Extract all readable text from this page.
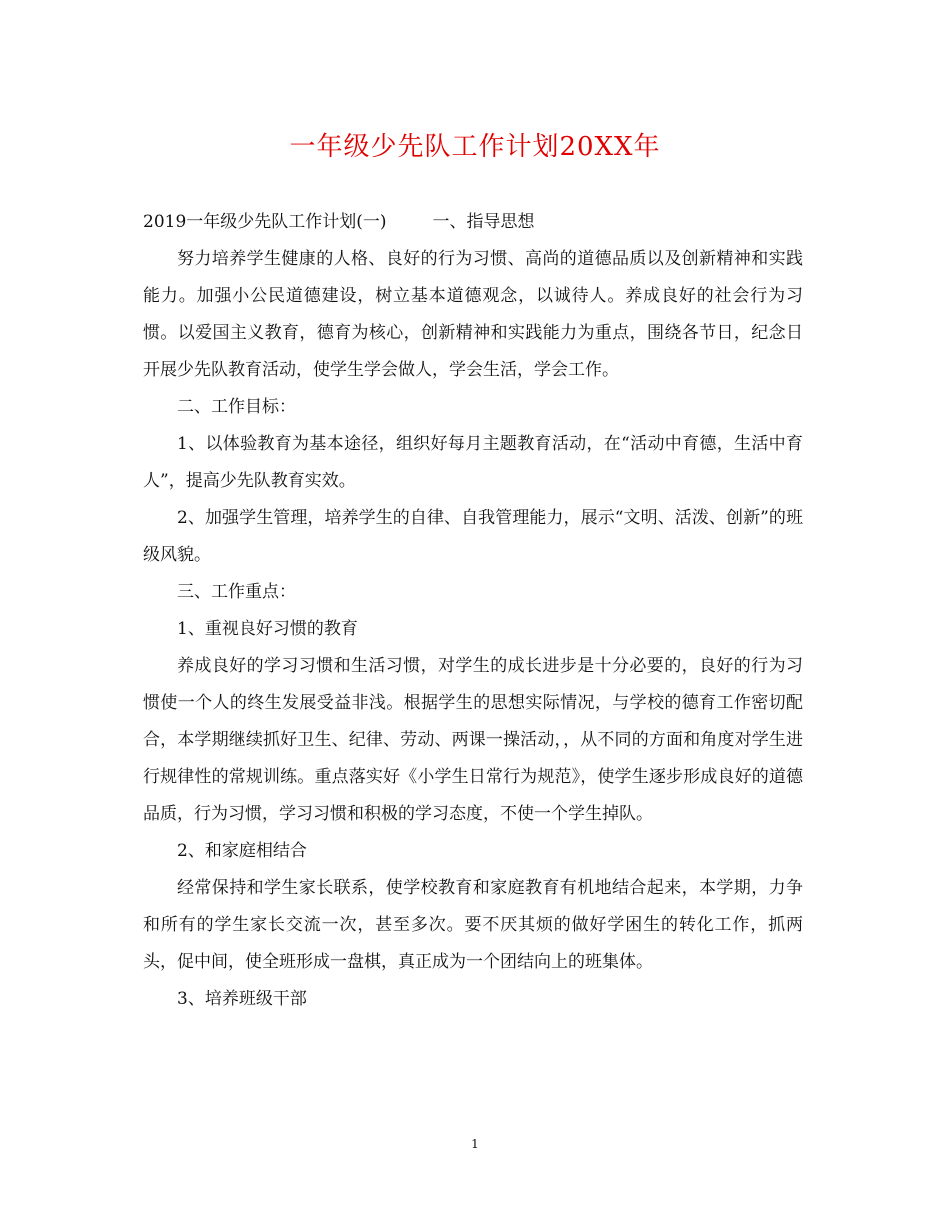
一年级少先队工作计划20XX年

2019一年级少先队工作计划(一)	一、指导思想

努力培养学生健康的人格、良好的行为习惯、高尚的道德品质以及创新精神和实践能力。加强小公民道德建设，树立基本道德观念，以诚待人。养成良好的社会行为习惯。以爱国主义教育，德育为核心，创新精神和实践能力为重点，围绕各节日，纪念日开展少先队教育活动，使学生学会做人，学会生活，学会工作。

二、工作目标：

1、以体验教育为基本途径，组织好每月主题教育活动，在“活动中育德，生活中育人”，提高少先队教育实效。

2、加强学生管理，培养学生的自律、自我管理能力，展示“文明、活泼、创新”的班级风貌。

三、工作重点：

1、重视良好习惯的教育

养成良好的学习习惯和生活习惯，对学生的成长进步是十分必要的，良好的行为习惯使一个人的终生发展受益非浅。根据学生的思想实际情况，与学校的德育工作密切配合，本学期继续抓好卫生、纪律、劳动、两课一操活动，，从不同的方面和角度对学生进行规律性的常规训练。重点落实好《小学生日常行为规范》，使学生逐步形成良好的道德品质，行为习惯，学习习惯和积极的学习态度，不使一个学生掉队。

2、和家庭相结合

经常保持和学生家长联系，使学校教育和家庭教育有机地结合起来，本学期，力争和所有的学生家长交流一次，甚至多次。要不厌其烦的做好学困生的转化工作，抓两头，促中间，使全班形成一盘棋，真正成为一个团结向上的班集体。

3、培养班级干部

1
